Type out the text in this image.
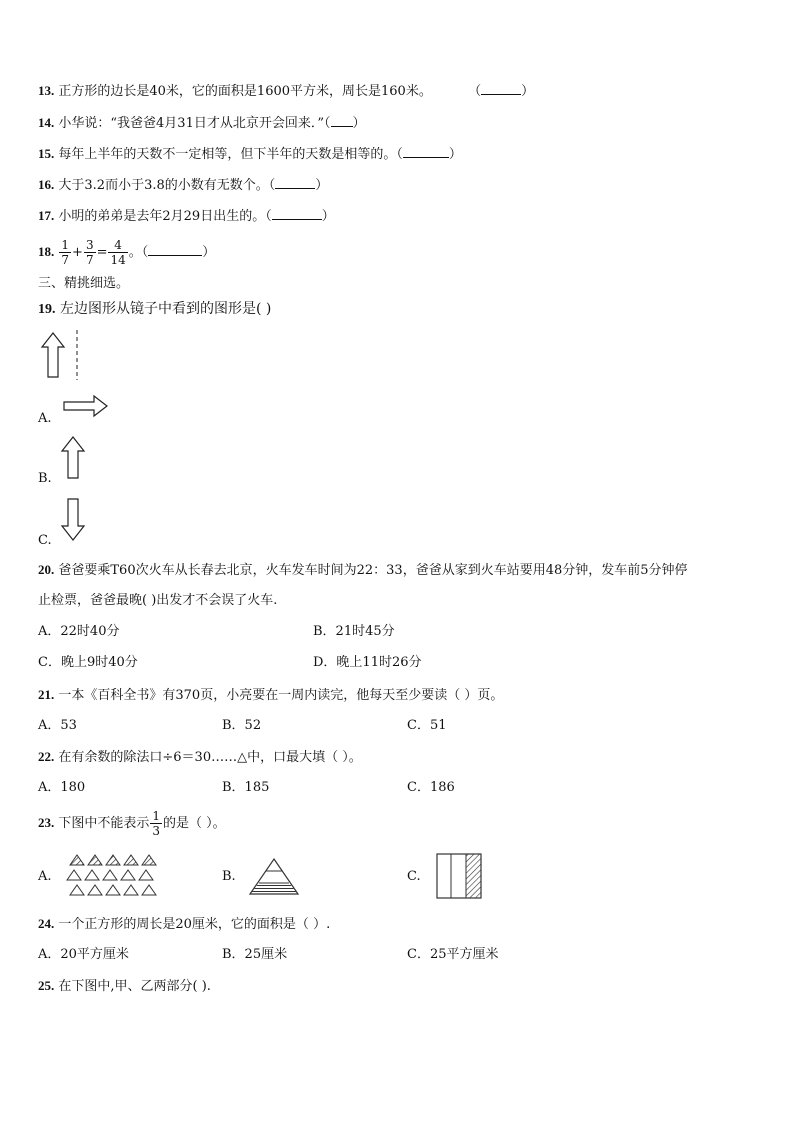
13. 正方形的边长是40米，它的面积是1600平方米，周长是160米。	（	）
14. 小华说：“我爸爸4月31日才从北京开会回来．”（ ）
15. 每年上半年的天数不一定相等，但下半年的天数是相等的。（	）
16. 大于3.2而小于3.8的小数有无数个。（	）
17. 小明的弟弟是去年2月29日出生的。（	）
18. $\frac{1}{7} + \frac{3}{7} = \frac{4}{14}$ 。（	）
三、精挑细选。
19. 左边图形从镜子中看到的图形是( )
A.
B.
C.
20. 爸爸要乘T60次火车从长春去北京，火车发车时间为22：33，爸爸从家到火车站要用48分钟，发车前5分钟停
止检票，爸爸最晚( )出发才不会误了火车.
A．22时40分	B．21时45分
C．晚上9时40分	D．晚上11时26分
21. 一本《百科全书》有370页，小亮要在一周内读完，他每天至少要读（ ）页。
A．53	B．52	C．51
22. 在有余数的除法口÷6＝30……△中，口最大填（ ）。
A．180	B．185	C．186
23. 下图中不能表示 $\frac{1}{3}$ 的是（ ）。
A.	B.	C.
24. 一个正方形的周长是20厘米，它的面积是（ ）.
A．20平方厘米	B．25厘米	C．25平方厘米
25. 在下图中,甲、乙两部分( ).
